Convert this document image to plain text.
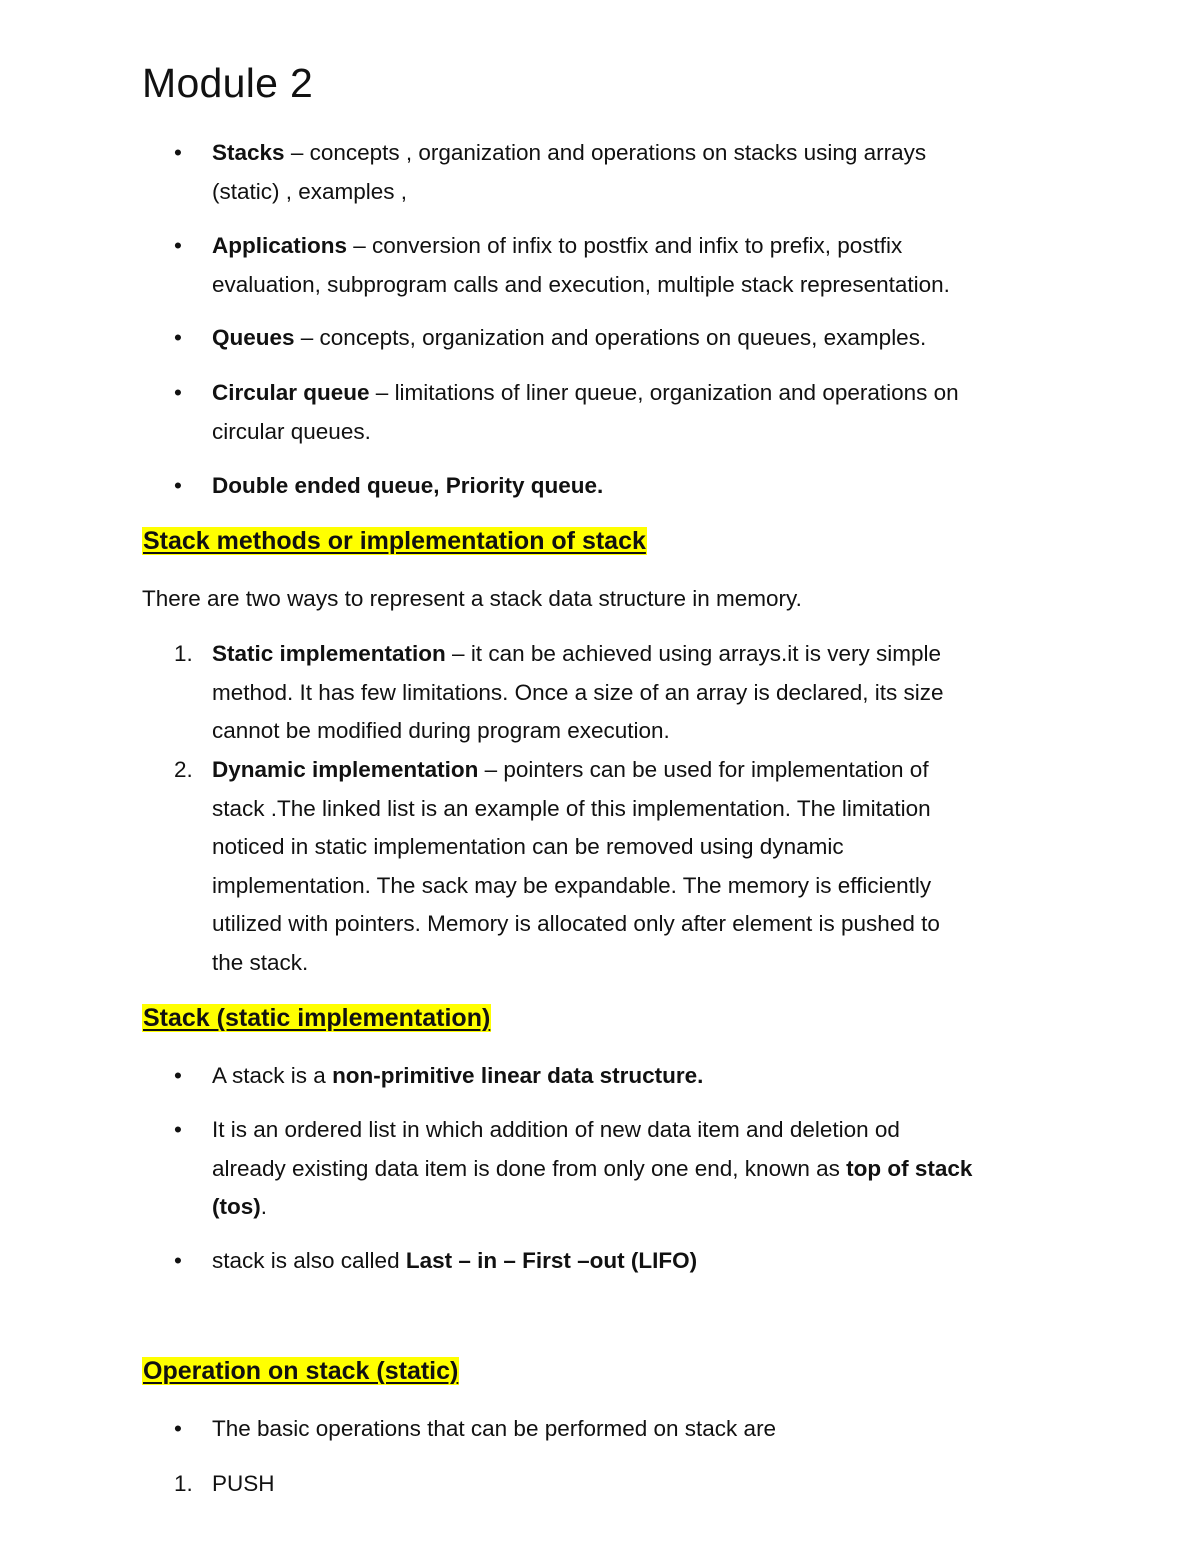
Module 2
•	Stacks – concepts , organization and operations on stacks using arrays
(static) , examples ,
•	Applications – conversion of infix to postfix and infix to prefix, postfix
evaluation, subprogram calls and execution, multiple stack representation.
•	Queues – concepts, organization and operations on queues, examples.
•	Circular queue – limitations of liner queue, organization and operations on
circular queues.
•	Double ended queue, Priority queue.
Stack methods or implementation of stack
There are two ways to represent a stack data structure in memory.
1. Static implementation – it can be achieved using arrays.it is very simple
method. It has few limitations. Once a size of an array is declared, its size
cannot be modified during program execution.
2. Dynamic implementation – pointers can be used for implementation of
stack .The linked list is an example of this implementation. The limitation
noticed in static implementation can be removed using dynamic
implementation. The sack may be expandable. The memory is efficiently
utilized with pointers. Memory is allocated only after element is pushed to
the stack.
Stack (static implementation)
•	A stack is a non-primitive linear data structure.
•	It is an ordered list in which addition of new data item and deletion od
already existing data item is done from only one end, known as top of stack
(tos).
•	stack is also called Last – in – First –out (LIFO)
Operation on stack (static)
•	The basic operations that can be performed on stack are
1. PUSH
